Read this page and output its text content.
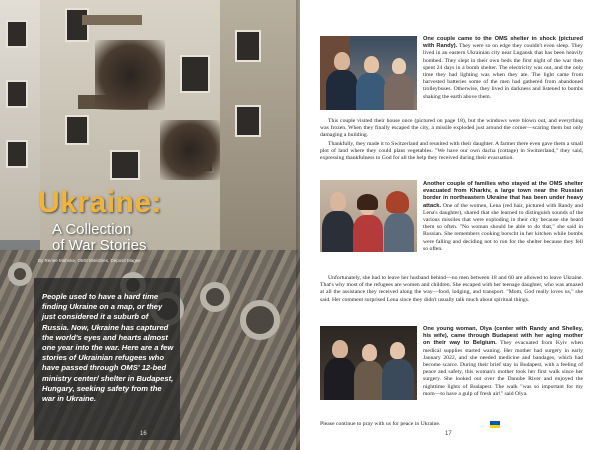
Ukraine:
A Collection
of War Stories
By Renee Mahnke, OMS Ministries, Deposit Magee
People used to have a hard time finding Ukraine on a map, or they just considered it a suburb of Russia. Now, Ukraine has captured the world's eyes and hearts almost one year into the war. Here are a few stories of Ukrainian refugees who have passed through OMS' 12-bed ministry center/ shelter in Budapest, Hungary, seeking safety from the war in Ukraine.
16
One couple came to the OMS shelter in shock (pictured with Randy). They were so on edge they couldn't even sleep. They lived in an eastern Ukrainian city near Lugansk that has been heavily bombed. They slept in their own beds the first night of the war then spent 24 days in a bomb shelter. The electricity was out, and the only time they had lighting was when they ate. The light came from harvested batteries some of the men had gathered from abandoned trolleybuses. Otherwise, they lived in darkness and listened to bombs shaking the earth above them.
This couple visited their house once (pictured on page 18), but the windows were blown out, and everything was frozen. When they finally escaped the city, a missile exploded just around the corner—scaring them but only damaging a building.
Thankfully, they made it to Switzerland and reunited with their daughter. A farmer there even gave them a small plot of land where they could plant vegetables. "We have our own dacha (cottage) in Switzerland," they said, expressing thankfulness to God for all the help they received during their evacuation.
Another couple of families who stayed at the OMS shelter evacuated from Kharkiv, a large town near the Russian border in northeastern Ukraine that has been under heavy attack. One of the women, Lena (red hair, pictured with Randy and Lena's daughter), shared that she learned to distinguish sounds of the various missiles that were exploding in their city because she heard them so often. "No woman should be able to do that," she said in Russian. She remembers cooking borscht in her kitchen while bombs were falling and deciding not to run for the shelter because they fell so often.
Unfortunately, she had to leave her husband behind—no men between 18 and 60 are allowed to leave Ukraine. That's why most of the refugees are women and children. She escaped with her teenage daughter, who was amazed at all the assistance they received along the way—food, lodging, and transport. "Mom, God really loves us," she said. Her comment surprised Lena since they didn't usually talk much about spiritual things.
One young woman, Olya (center with Randy and Shelley, his wife), came through Budapest with her aging mother on their way to Belgium. They evacuated from Kyiv when medical supplies started waning. Her mother had surgery in early January 2022, and she needed medicine and bandages, which had become scarce. During their brief stay in Budapest, with a feeling of peace and safety, this woman's mother took her first walk since her surgery. She looked out over the Danube River and enjoyed the nighttime lights of Budapest. The walk "was so important for my mom—to have a gulp of fresh air!" said Olya.
Please continue to pray with us for peace in Ukraine.
17
